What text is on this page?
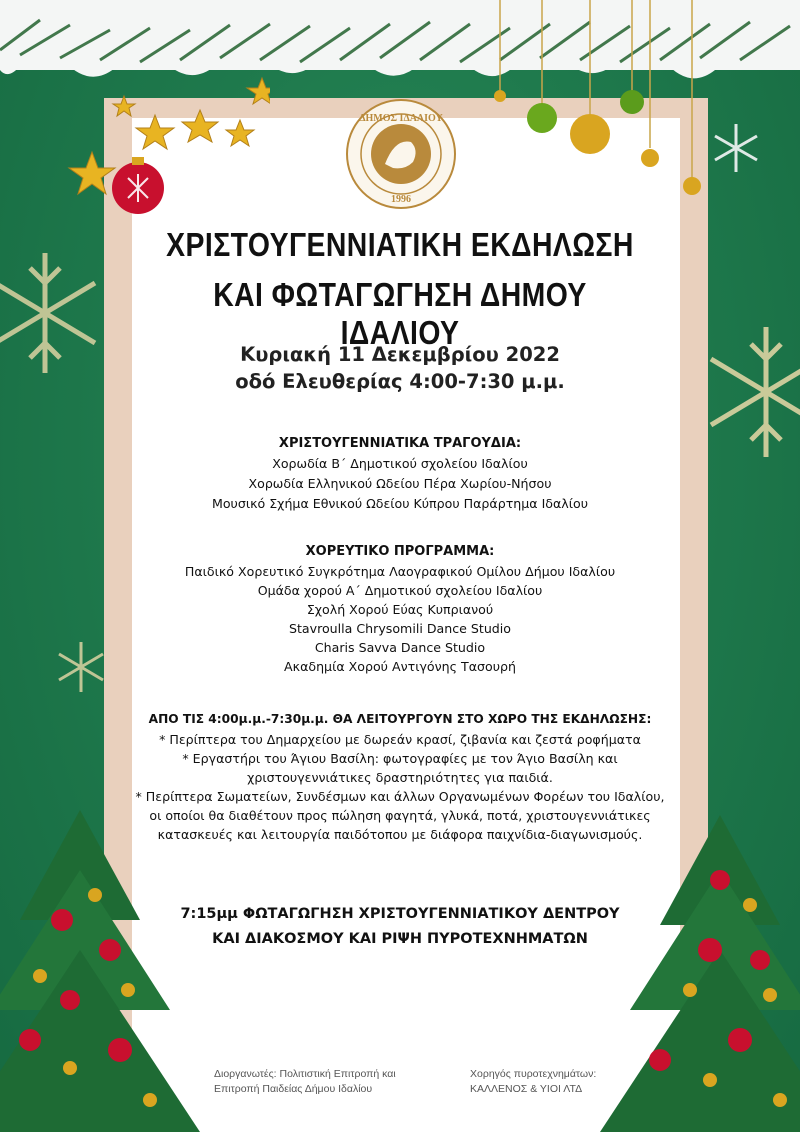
ΔΗΜΟΣ ΙΔΑΛΙΟΥ
1996
ΧΡΙΣΤΟΥΓΕΝΝΙΑΤΙΚΗ ΕΚΔΗΛΩΣΗ
ΚΑΙ ΦΩΤΑΓΩΓΗΣΗ ΔΗΜΟΥ ΙΔΑΛΙΟΥ
Κυριακή 11 Δεκεμβρίου 2022
οδό Ελευθερίας 4:00-7:30 μ.μ.
ΧΡΙΣΤΟΥΓΕΝΝΙΑΤΙΚΑ ΤΡΑΓΟΥΔΙΑ:
Χορωδία Β΄ Δημοτικού σχολείου Ιδαλίου
Χορωδία Ελληνικού Ωδείου Πέρα Χωρίου-Νήσου
Μουσικό Σχήμα Εθνικού Ωδείου Κύπρου Παράρτημα Ιδαλίου
ΧΟΡΕΥΤΙΚΟ ΠΡΟΓΡΑΜΜΑ:
Παιδικό Χορευτικό Συγκρότημα Λαογραφικού Ομίλου Δήμου Ιδαλίου
Ομάδα χορού Α΄ Δημοτικού σχολείου Ιδαλίου
Σχολή Χορού Εύας Κυπριανού
Stavroulla Chrysomili Dance Studio
Charis Savva Dance Studio
Ακαδημία Χορού Αντιγόνης Τασουρή
ΑΠΟ ΤΙΣ 4:00μ.μ.-7:30μ.μ. ΘΑ ΛΕΙΤΟΥΡΓΟΥΝ ΣΤΟ ΧΩΡΟ ΤΗΣ ΕΚΔΗΛΩΣΗΣ:
* Περίπτερα του Δημαρχείου με δωρεάν κρασί, ζιβανία και ζεστά ροφήματα
* Εργαστήρι του Άγιου Βασίλη: φωτογραφίες με τον Άγιο Βασίλη και
χριστουγεννιάτικες δραστηριότητες για παιδιά.
* Περίπτερα Σωματείων, Συνδέσμων και άλλων Οργανωμένων Φορέων του Ιδαλίου,
οι οποίοι θα διαθέτουν προς πώληση φαγητά, γλυκά, ποτά, χριστουγεννιάτικες
κατασκευές και λειτουργία παιδότοπου με διάφορα παιχνίδια-διαγωνισμούς.
7:15μμ ΦΩΤΑΓΩΓΗΣΗ ΧΡΙΣΤΟΥΓΕΝΝΙΑΤΙΚΟΥ ΔΕΝΤΡΟΥ
ΚΑΙ ΔΙΑΚΟΣΜΟΥ ΚΑΙ ΡΙΨΗ ΠΥΡΟΤΕΧΝΗΜΑΤΩΝ
Διοργανωτές: Πολιτιστική Επιτροπή και
Επιτροπή Παιδείας Δήμου Ιδαλίου
Χορηγός πυροτεχνημάτων:
ΚΑΛΛΕΝΟΣ & ΥΙΟΙ ΛΤΔ
